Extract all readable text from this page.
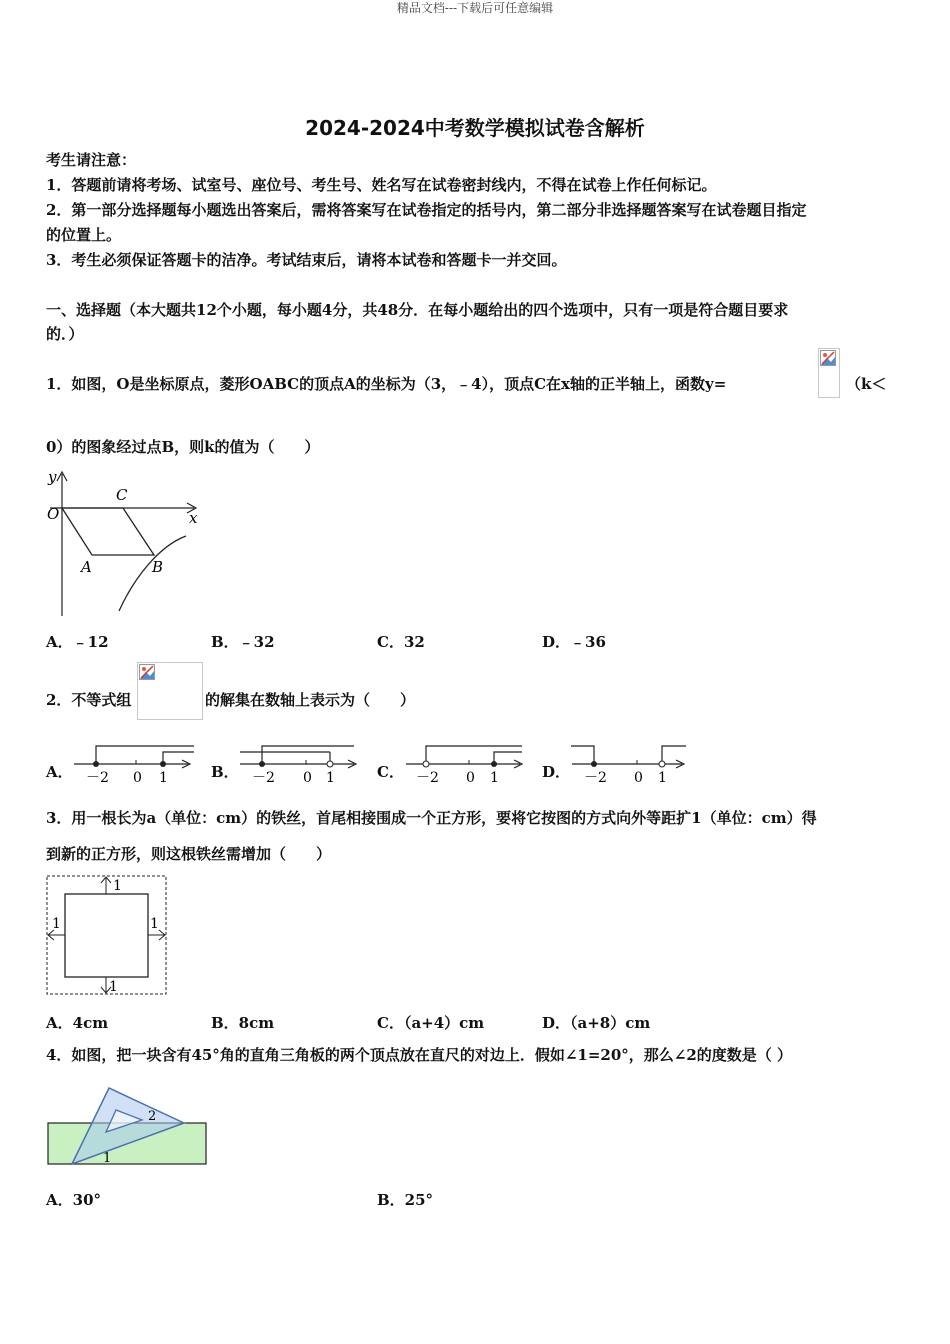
精品文档---下载后可任意编辑
2024-2024中考数学模拟试卷含解析
考生请注意：
1．答题前请将考场、试室号、座位号、考生号、姓名写在试卷密封线内，不得在试卷上作任何标记。
2．第一部分选择题每小题选出答案后，需将答案写在试卷指定的括号内，第二部分非选择题答案写在试卷题目指定
的位置上。
3．考生必须保证答题卡的洁净。考试结束后，请将本试卷和答题卡一并交回。
一、选择题（本大题共12个小题，每小题4分，共48分．在每小题给出的四个选项中，只有一项是符合题目要求
的．）
1．如图，O是坐标原点，菱形OABC的顶点A的坐标为（3，﹣4），顶点C在x轴的正半轴上，函数y=	（k＜
0）的图象经过点B，则k的值为（　　）
y
x
O
A	B
C
A．﹣12	B．﹣32	C．32	D．﹣36
2．不等式组	的解集在数轴上表示为（　　）
A． －2 0 1	B． －2 0 1	C． －2 0 1	D． －2 0 1
3．用一根长为a（单位：cm）的铁丝，首尾相接围成一个正方形，要将它按图的方式向外等距扩1（单位：cm）得
到新的正方形，则这根铁丝需增加（　　）
1
1	1
1
A．4cm	B．8cm	C．（a+4）cm	D．（a+8）cm
4．如图，把一块含有45°角的直角三角板的两个顶点放在直尺的对边上．假如∠1=20°，那么∠2的度数是（ ）
2
1
A．30°	B．25°
